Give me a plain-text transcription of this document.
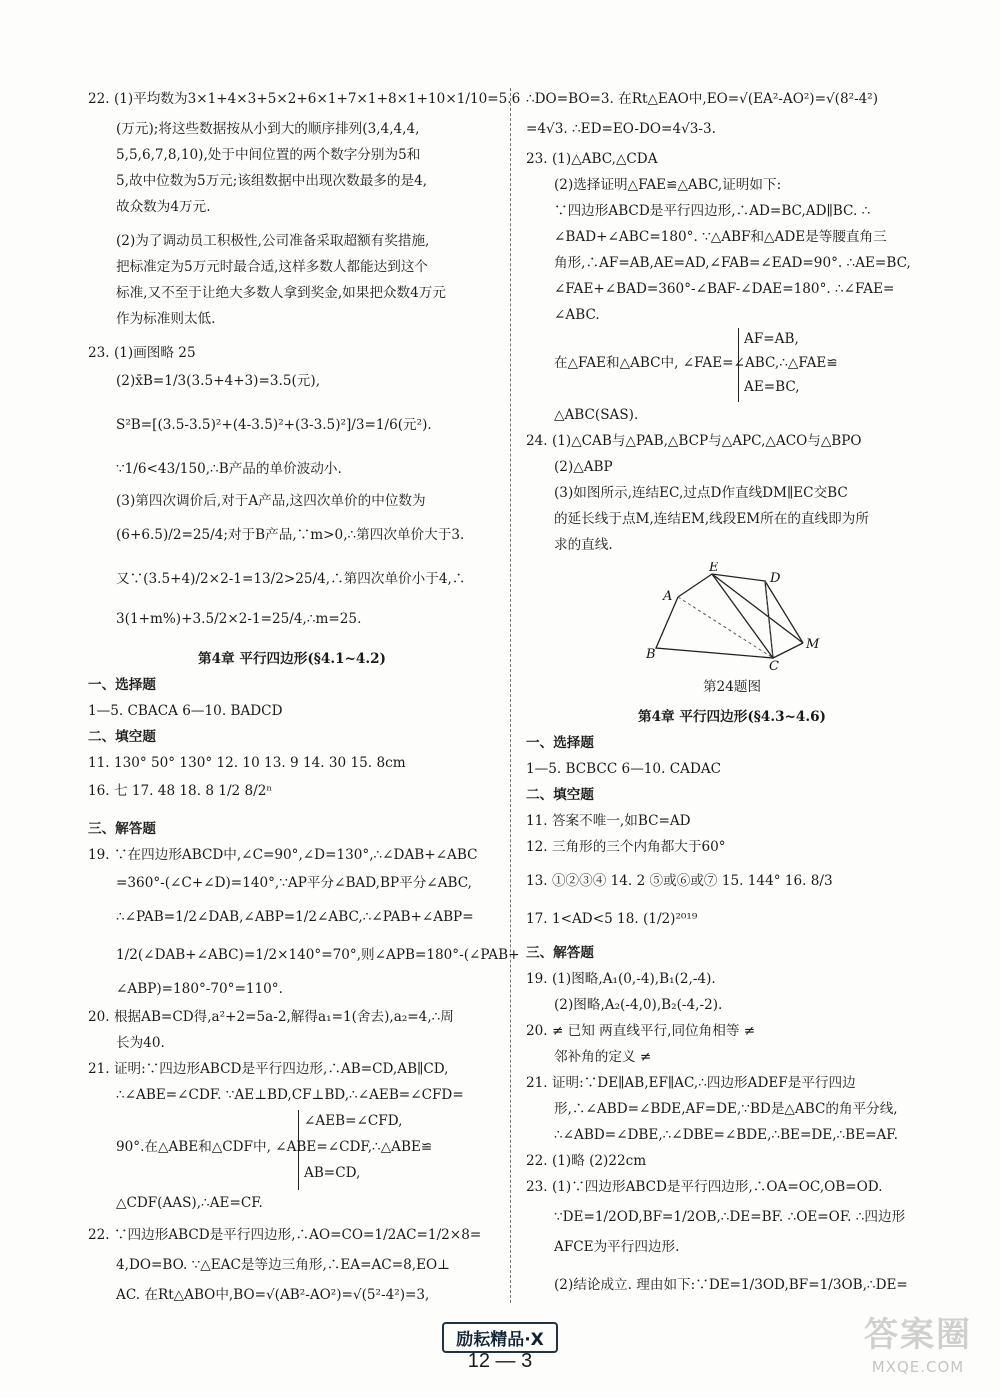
22. (1)平均数为3×1+4×3+5×2+6×1+7×1+8×1+10×1/10=5.6
(万元);将这些数据按从小到大的顺序排列(3,4,4,4,
5,5,6,7,8,10),处于中间位置的两个数字分别为5和
5,故中位数为5万元;该组数据中出现次数最多的是4,
故众数为4万元.
(2)为了调动员工积极性,公司准备采取超额有奖措施,
把标准定为5万元时最合适,这样多数人都能达到这个
标准,又不至于让绝大多数人拿到奖金,如果把众数4万元
作为标准则太低.
23. (1)画图略 25
(2)x̄B=1/3(3.5+4+3)=3.5(元),
S²B=[(3.5-3.5)²+(4-3.5)²+(3-3.5)²]/3=1/6(元²).
∵1/6<43/150,∴B产品的单价波动小.
(3)第四次调价后,对于A产品,这四次单价的中位数为
(6+6.5)/2=25/4;对于B产品,∵m>0,∴第四次单价大于3.
又∵(3.5+4)/2×2-1=13/2>25/4,∴第四次单价小于4,∴
3(1+m%)+3.5/2×2-1=25/4,∴m=25.
第4章 平行四边形(§4.1~4.2)
一、选择题
1—5. CBACA 6—10. BADCD
二、填空题
11. 130° 50° 130° 12. 10 13. 9 14. 30 15. 8cm
16. 七 17. 48 18. 8 1/2 8/2ⁿ
三、解答题
19. ∵在四边形ABCD中,∠C=90°,∠D=130°,∴∠DAB+∠ABC
=360°-(∠C+∠D)=140°,∵AP平分∠BAD,BP平分∠ABC,
∴∠PAB=1/2∠DAB,∠ABP=1/2∠ABC,∴∠PAB+∠ABP=
1/2(∠DAB+∠ABC)=1/2×140°=70°,则∠APB=180°-(∠PAB+
∠ABP)=180°-70°=110°.
20. 根据AB=CD得,a²+2=5a-2,解得a₁=1(舍去),a₂=4,∴周
长为40.
21. 证明:∵四边形ABCD是平行四边形,∴AB=CD,AB∥CD,
∴∠ABE=∠CDF. ∵AE⊥BD,CF⊥BD,∴∠AEB=∠CFD=
∠AEB=∠CFD,
90°.在△ABE和△CDF中, ∠ABE=∠CDF,∴△ABE≌
AB=CD,
△CDF(AAS),∴AE=CF.
22. ∵四边形ABCD是平行四边形,∴AO=CO=1/2AC=1/2×8=
4,DO=BO. ∵△EAC是等边三角形,∴EA=AC=8,EO⊥
AC. 在Rt△ABO中,BO=√(AB²-AO²)=√(5²-4²)=3,
∴DO=BO=3. 在Rt△EAO中,EO=√(EA²-AO²)=√(8²-4²)
=4√3. ∴ED=EO-DO=4√3-3.
23. (1)△ABC,△CDA
(2)选择证明△FAE≌△ABC,证明如下:
∵四边形ABCD是平行四边形,∴AD=BC,AD∥BC. ∴
∠BAD+∠ABC=180°. ∵△ABF和△ADE是等腰直角三
角形,∴AF=AB,AE=AD,∠FAB=∠EAD=90°. ∴AE=BC,
∠FAE+∠BAD=360°-∠BAF-∠DAE=180°. ∴∠FAE=
∠ABC.
AF=AB,
在△FAE和△ABC中, ∠FAE=∠ABC,∴△FAE≌
AE=BC,
△ABC(SAS).
24. (1)△CAB与△PAB,△BCP与△APC,△ACO与△BPO
(2)△ABP
(3)如图所示,连结EC,过点D作直线DM∥EC交BC
的延长线于点M,连结EM,线段EM所在的直线即为所
求的直线.
E
A
D
M
B
C
第24题图
第4章 平行四边形(§4.3~4.6)
一、选择题
1—5. BCBCC 6—10. CADAC
二、填空题
11. 答案不唯一,如BC=AD
12. 三角形的三个内角都大于60°
13. ①②③④ 14. 2 ⑤或⑥或⑦ 15. 144° 16. 8/3
17. 1<AD<5 18. (1/2)²⁰¹⁹
三、解答题
19. (1)图略,A₁(0,-4),B₁(2,-4).
(2)图略,A₂(-4,0),B₂(-4,-2).
20. ≠ 已知 两直线平行,同位角相等 ≠
邻补角的定义 ≠
21. 证明:∵DE∥AB,EF∥AC,∴四边形ADEF是平行四边
形,∴∠ABD=∠BDE,AF=DE,∵BD是△ABC的角平分线,
∴∠ABD=∠DBE,∴∠DBE=∠BDE,∴BE=DE,∴BE=AF.
22. (1)略 (2)22cm
23. (1)∵四边形ABCD是平行四边形,∴OA=OC,OB=OD.
∵DE=1/2OD,BF=1/2OB,∴DE=BF. ∴OE=OF. ∴四边形
AFCE为平行四边形.
(2)结论成立. 理由如下:∵DE=1/3OD,BF=1/3OB,∴DE=
励耘精品·X
12 — 3
答案圈
MXQE.COM
